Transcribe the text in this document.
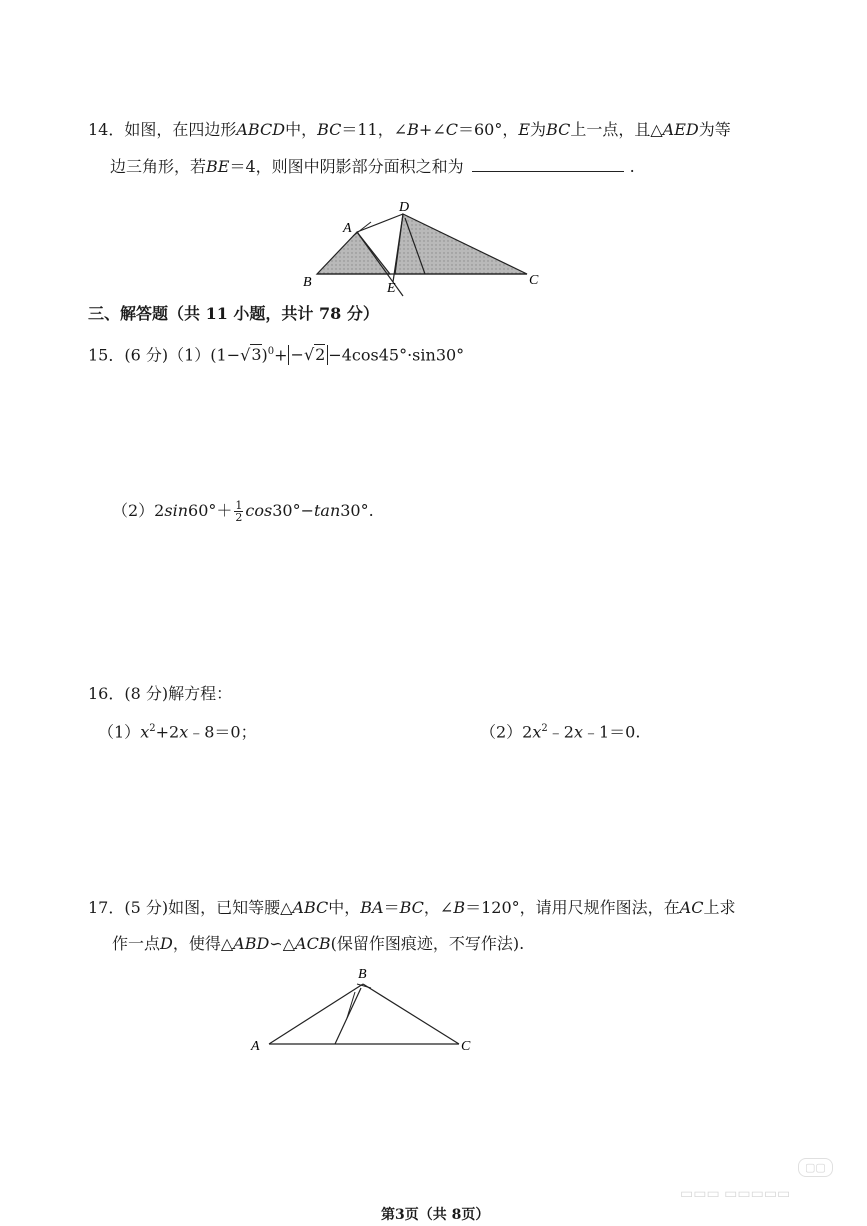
14．如图，在四边形ABCD中，BC＝11，∠B+∠C＝60°，E为BC上一点，且△AED为等
边三角形，若BE＝4，则图中阴影部分面积之和为	.
A
D
B	E
C
三、解答题（共 11 小题，共计 78 分）
15．(6 分)$(1)(1-√3)^0+ -√2 -4\cos 45^\circ\cdot\sin 30^\circ$
$(2)2\sin 60^\circ+ \frac{1}{2} \cos 30^\circ-\tan 30^\circ$.
16．(8 分)解方程：
$(1)x^2+2x﹣8=0$；	$(2)2x^2﹣2x﹣1=0$.
17．(5 分)如图，已知等腰△ABC中，BA＝BC，∠B＝120°，请用尺规作图法，在AC上求
作一点D，使得△ABD∽△ACB(保留作图痕迹，不写作法).
A
B
C
▢▢
▭▭▭ ▭▭▭▭▭
第3页（共 8页）
